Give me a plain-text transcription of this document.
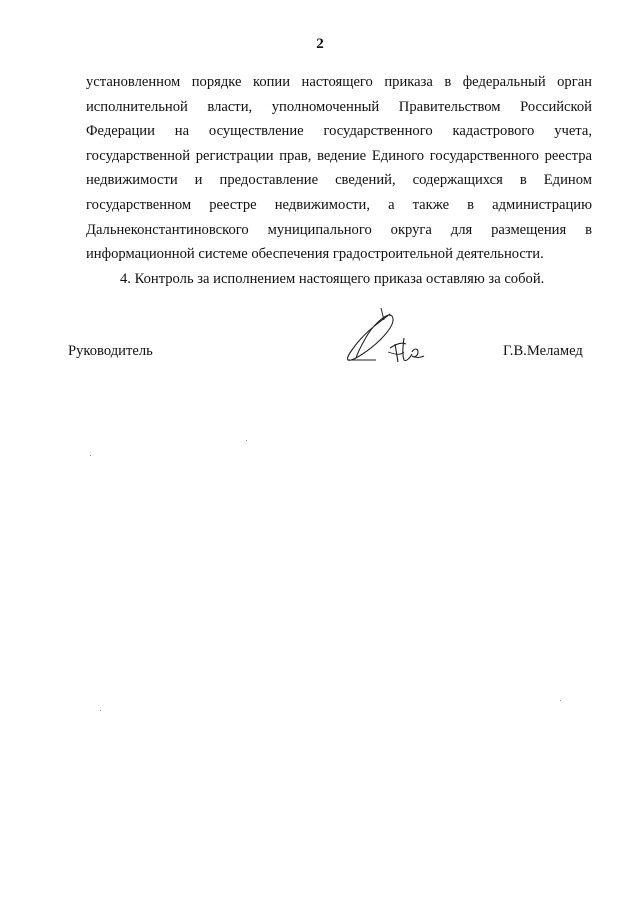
2
установленном порядке копии настоящего приказа в федеральный орган
исполнительной власти, уполномоченный Правительством Российской
Федерации на осуществление государственного кадастрового учета,
государственной регистрации прав, ведение Единого государственного реестра
недвижимости и предоставление сведений, содержащихся в Едином
государственном реестре недвижимости, а также в администрацию
Дальнеконстантиновского муниципального округа для размещения в
информационной системе обеспечения градостроительной деятельности.
4. Контроль за исполнением настоящего приказа оставляю за собой.
Руководитель	Г.В.Меламед
